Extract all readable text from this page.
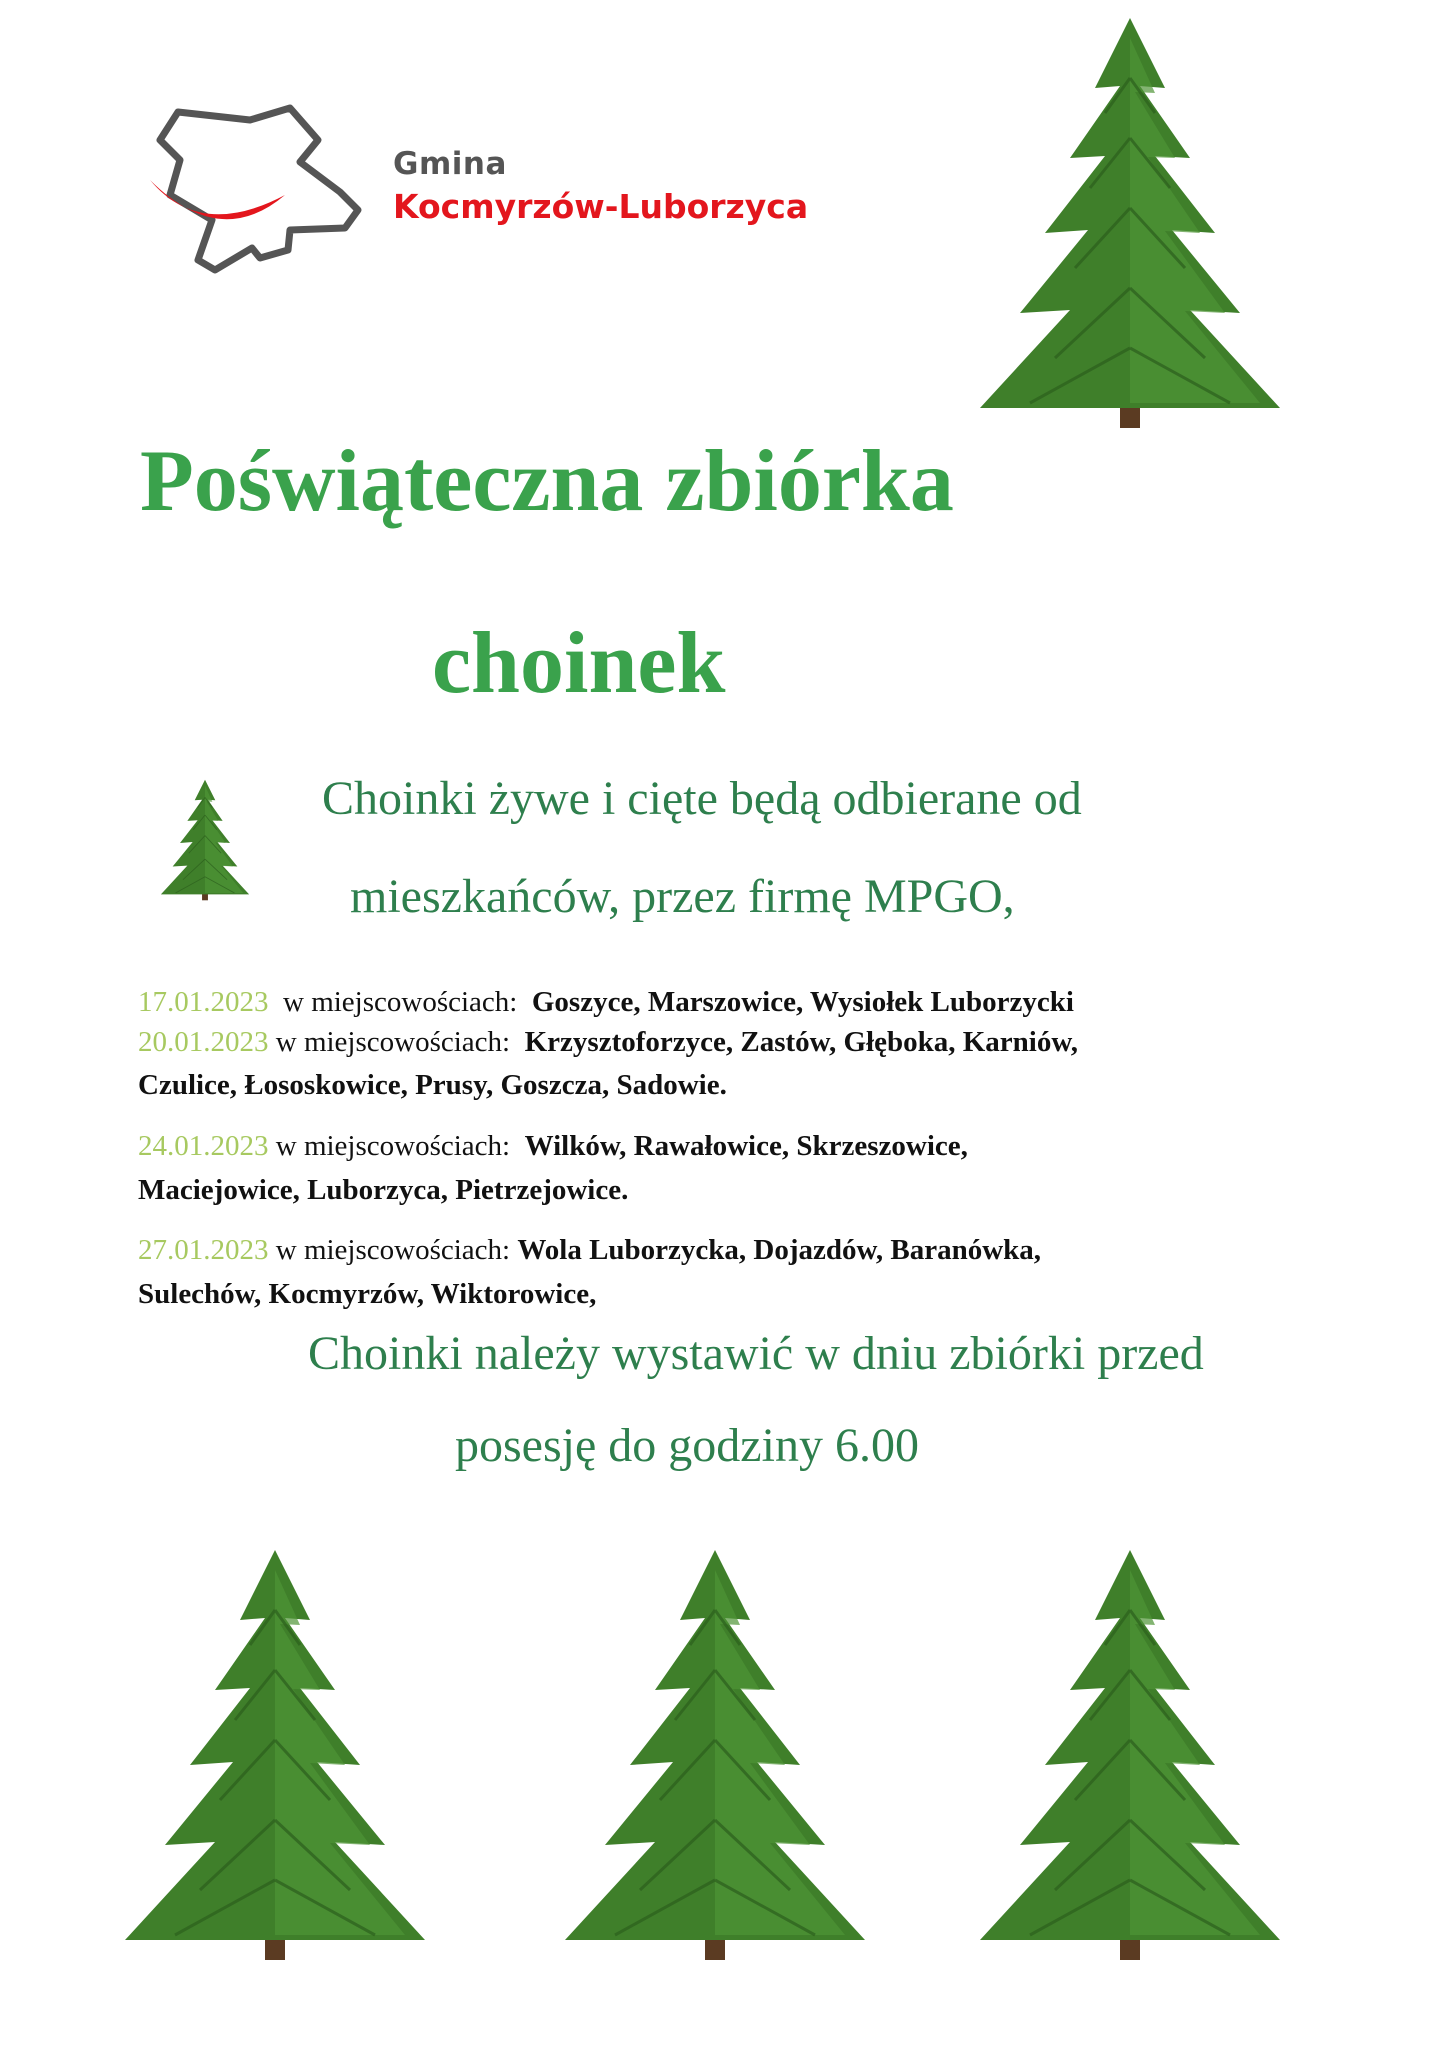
Gmina
Kocmyrzów-Luborzyca
Poświąteczna zbiórka
choinek
Choinki żywe i cięte będą odbierane od
mieszkańców, przez firmę MPGO,
17.01.2023 w miejscowościach: Goszyce, Marszowice, Wysiołek Luborzycki
20.01.2023 w miejscowościach: Krzysztoforzyce, Zastów, Głęboka, Karniów,
Czulice, Łososkowice, Prusy, Goszcza, Sadowie.
24.01.2023 w miejscowościach: Wilków, Rawałowice, Skrzeszowice,
Maciejowice, Luborzyca, Pietrzejowice.
27.01.2023 w miejscowościach: Wola Luborzycka, Dojazdów, Baranówka,
Sulechów, Kocmyrzów, Wiktorowice,
Choinki należy wystawić w dniu zbiórki przed
posesję do godziny 6.00
